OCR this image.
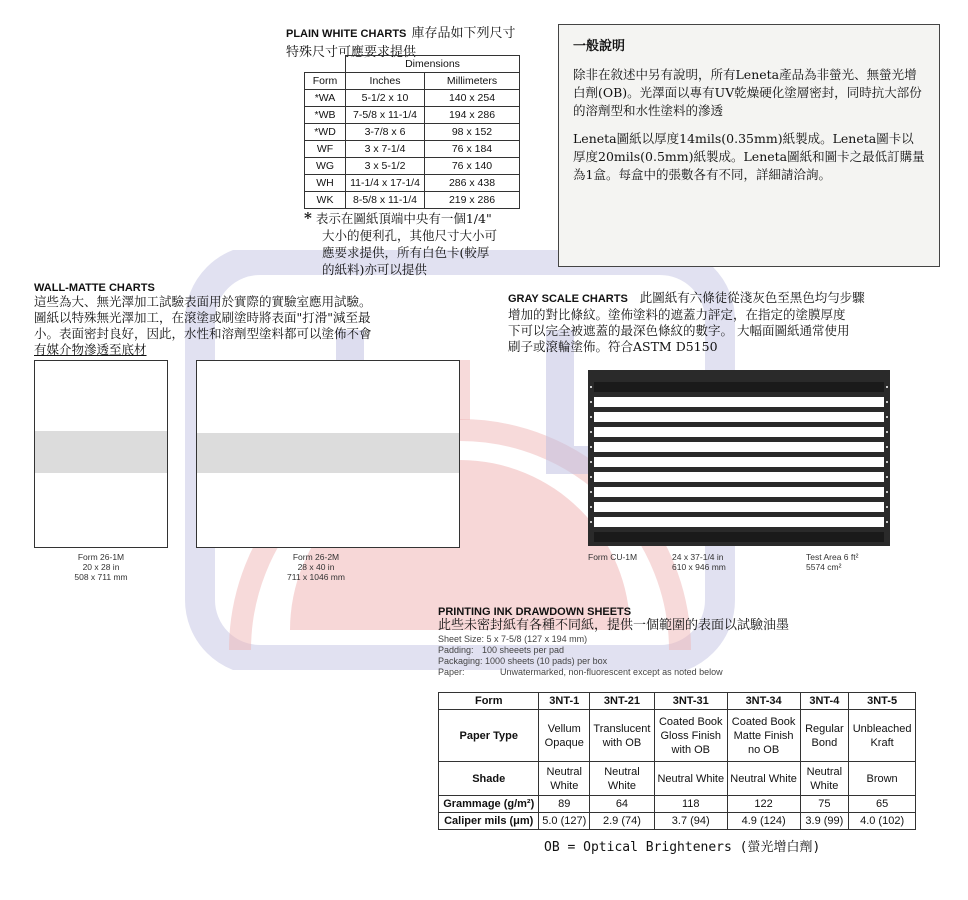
PLAIN WHITE CHARTS 庫存品如下列尺寸
特殊尺寸可應要求提供
	Dimensions	
Form	Inches	Millimeters
*WA	5-1/2 x 10	140 x 254
*WB	7-5/8 x 11-1/4	194 x 286
*WD	3-7/8 x 6	98 x 152
WF	3 x 7-1/4	76 x 184
WG	3 x 5-1/2	76 x 140
WH	11-1/4 x 17-1/4	286 x 438
WK	8-5/8 x 11-1/4	219 x 286
* 表示在圖紙頂端中央有一個1/4"
大小的便利孔，其他尺寸大小可
應要求提供，所有白色卡(較厚
的紙料)亦可以提供
一般說明

除非在敘述中另有說明，所有Leneta產品為非螢光、無螢光增白劑(OB)。光澤面以專有UV乾燥硬化塗層密封，同時抗大部份的溶劑型和水性塗料的滲透

Leneta圖紙以厚度14mils(0.35mm)紙製成。Leneta圖卡以厚度20mils(0.5mm)紙製成。Leneta圖紙和圖卡之最低訂購量為1盒。每盒中的張數各有不同，詳細請洽詢。

WALL-MATTE CHARTS
這些為大、無光澤加工試驗表面用於實際的實驗室應用試驗。
圖紙以特殊無光澤加工，在滾塗或刷塗時將表面"打滑"減至最
小。表面密封良好，因此，水性和溶劑型塗料都可以塗佈不會
有媒介物滲透至底材
Form 26-1M
20 x 28 in
508 x 711 mm
Form 26-2M
28 x 40 in
711 x 1046 mm
GRAY SCALE CHARTS 此圖紙有六條徒從淺灰色至黑色均勻步驟
增加的對比條紋。塗佈塗料的遮蓋力評定，在指定的塗膜厚度
下可以完全被遮蓋的最深色條紋的數字。 大幅面圖紙通常使用
刷子或滾輪塗佈。符合ASTM D5150
Form CU-1M	24 x 37-1/4 in
610 x 946 mm
Test Area 6 ft²
5574 cm²
PRINTING INK DRAWDOWN SHEETS
此些未密封紙有各種不同紙，提供一個範圍的表面以試驗油墨
Sheet Size: 5 x 7-5/8 (127 x 194 mm)
Padding: 100 sheeets per pad
Packaging: 1000 sheets (10 pads) per box
Paper:	Unwatermarked, non-fluorescent except as noted below
Form	3NT-1	3NT-21	3NT-31	3NT-34	3NT-4	3NT-5
Paper Type	Vellum Opaque	Translucent with OB	Coated Book Gloss Finish with OB	Coated Book Matte Finish no OB	Regular Bond	Unbleached Kraft
Shade	Neutral White	Neutral White	Neutral White	Neutral White	Neutral White	Brown
Grammage (g/m²)	89	64	118	122	75	65
Caliper mils (μm)	5.0 (127)	2.9 (74)	3.7 (94)	4.9 (124)	3.9 (99)	4.0 (102)
OB = Optical Brighteners (螢光增白劑)
